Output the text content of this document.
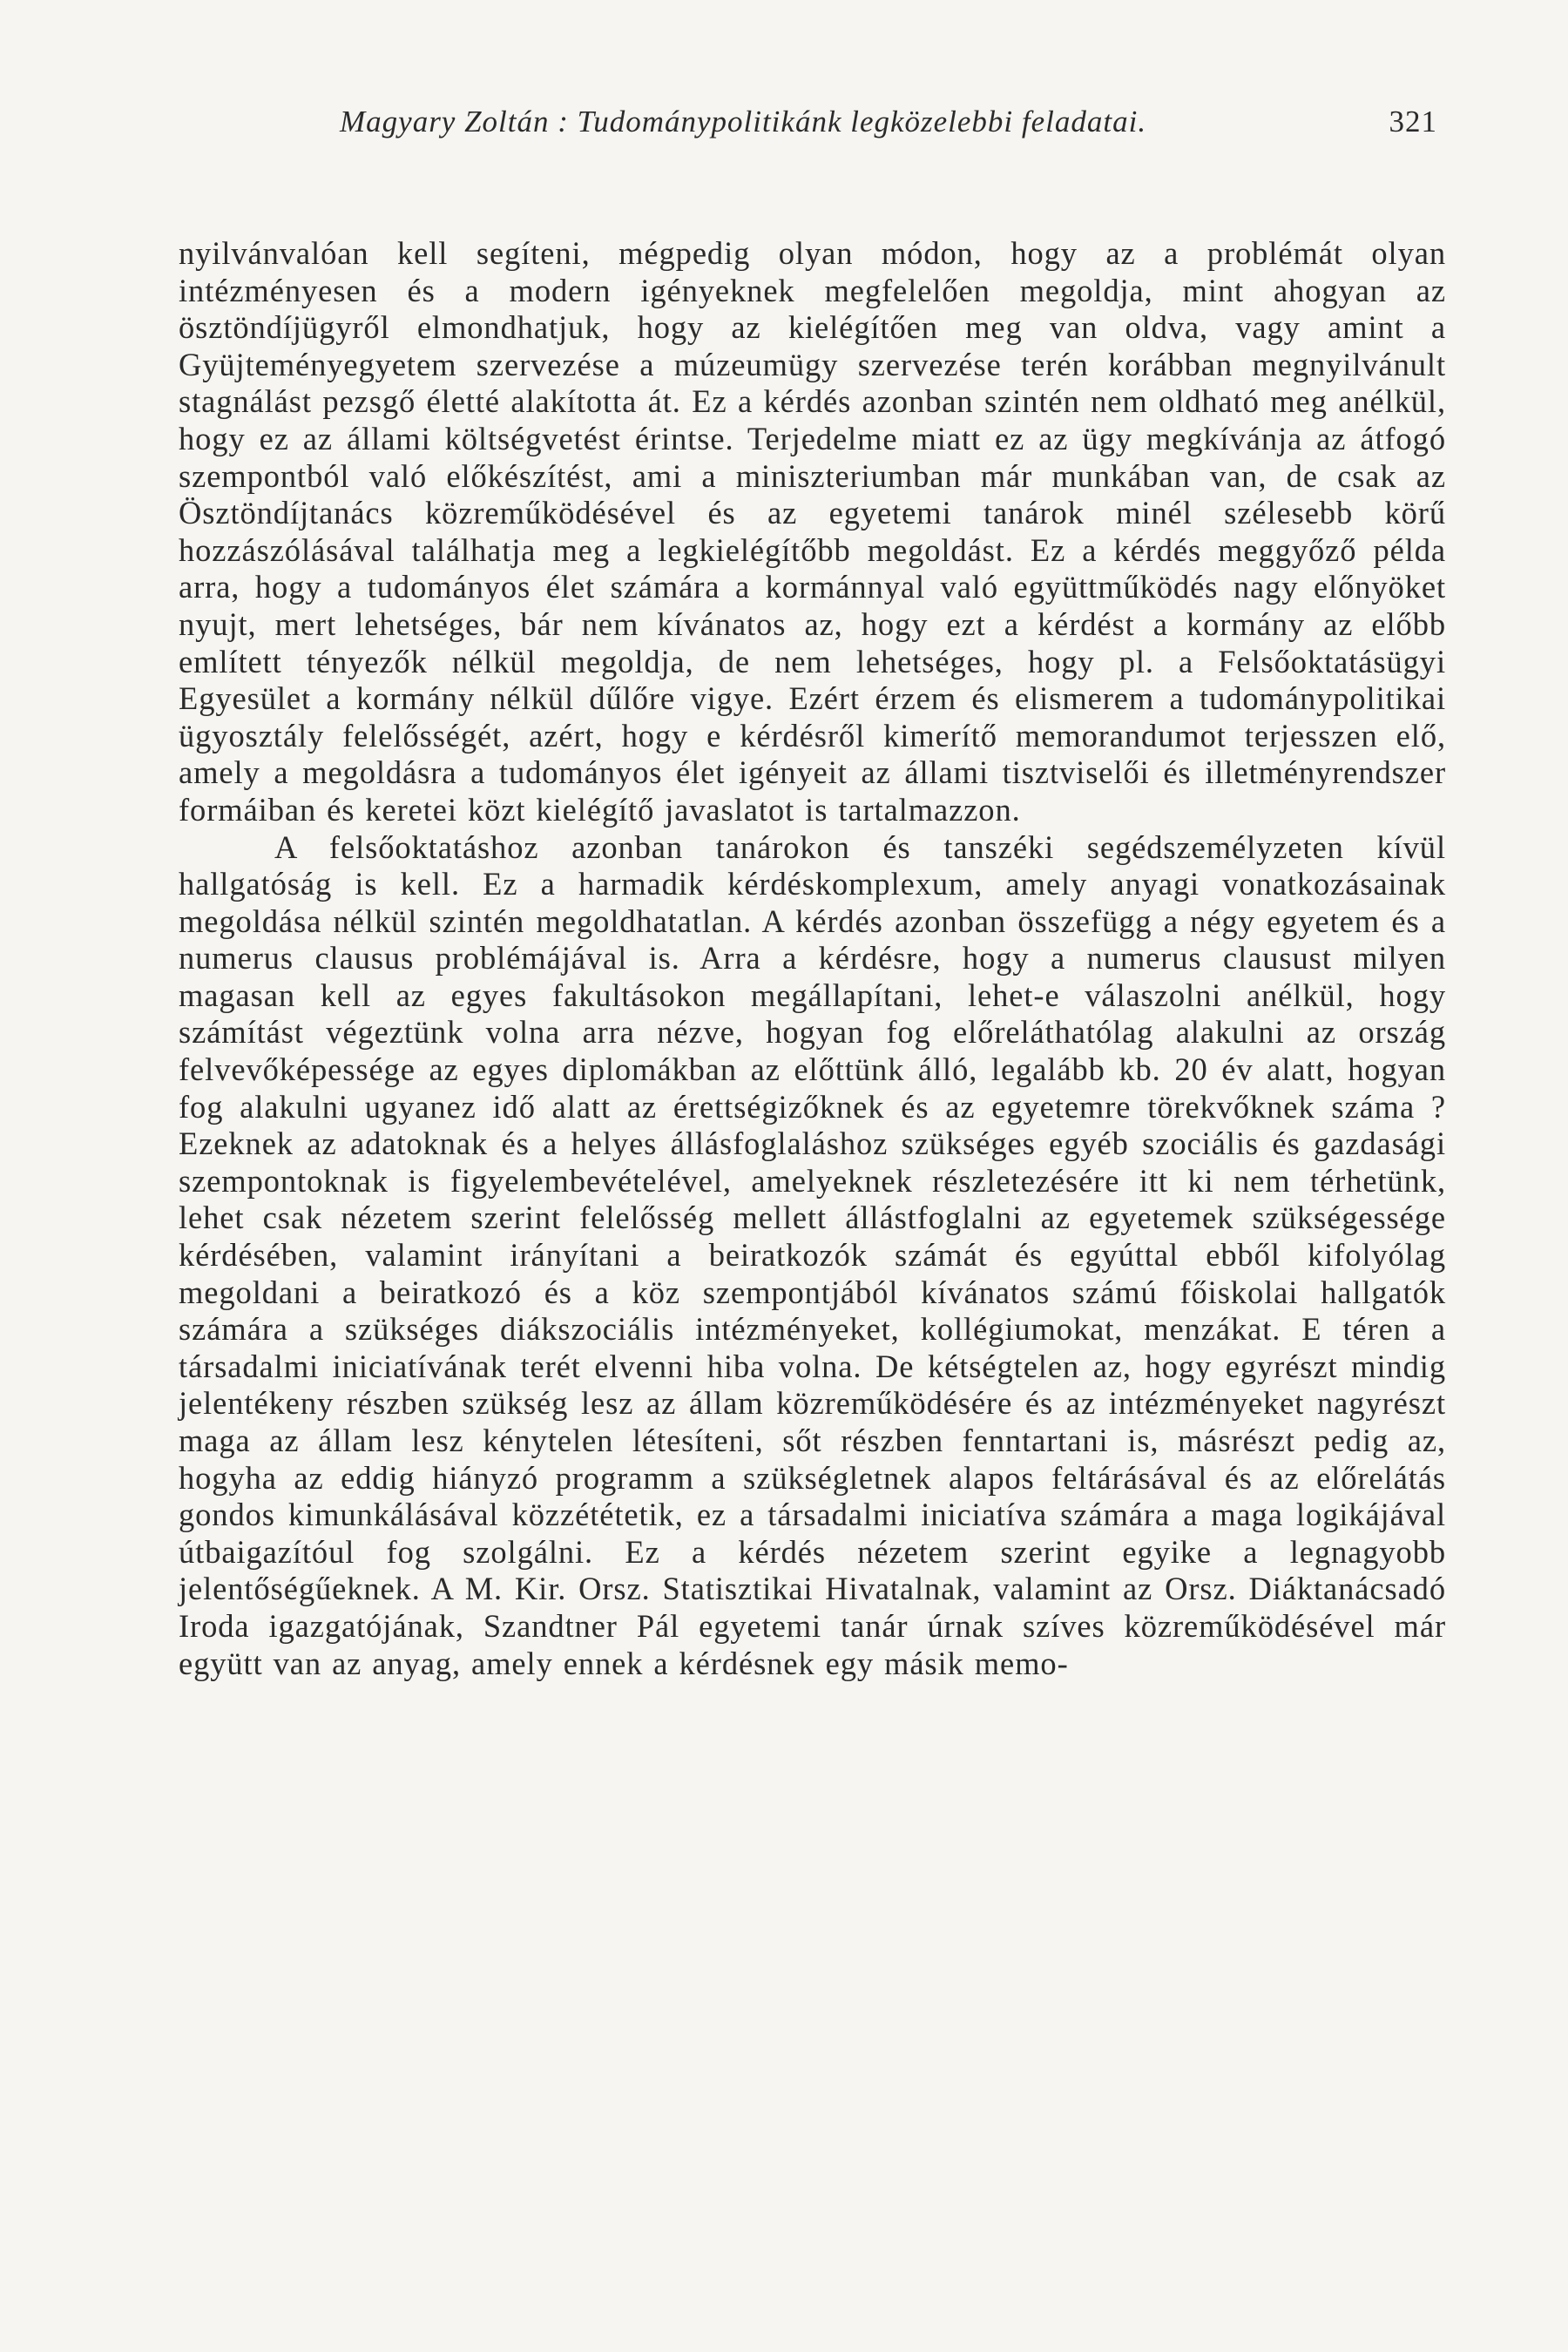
Magyary Zoltán : Tudománypolitikánk legközelebbi feladatai.	321

nyilvánvalóan kell segíteni, mégpedig olyan módon, hogy az a problémát olyan intézményesen és a modern igényeknek megfelelően megoldja, mint ahogyan az ösztöndíjügyről elmondhatjuk, hogy az kielégítően meg van oldva, vagy amint a Gyüjteményegyetem szervezése a múzeumügy szervezése terén korábban megnyilvánult stagnálást pezsgő életté alakította át. Ez a kérdés azonban szintén nem oldható meg anélkül, hogy ez az állami költségvetést érintse. Terjedelme miatt ez az ügy megkívánja az átfogó szempontból való előkészítést, ami a miniszteriumban már munkában van, de csak az Ösztöndíjtanács közreműködésével és az egyetemi tanárok minél szélesebb körű hozzászólásával találhatja meg a legkielégítőbb megoldást. Ez a kérdés meggyőző példa arra, hogy a tudományos élet számára a kormánnyal való együttműködés nagy előnyöket nyujt, mert lehetséges, bár nem kívánatos az, hogy ezt a kérdést a kormány az előbb említett tényezők nélkül megoldja, de nem lehetséges, hogy pl. a Felsőoktatásügyi Egyesület a kormány nélkül dűlőre vigye. Ezért érzem és elismerem a tudománypolitikai ügyosztály felelősségét, azért, hogy e kérdésről kimerítő memorandumot terjesszen elő, amely a megoldásra a tudományos élet igényeit az állami tisztviselői és illetményrendszer formáiban és keretei közt kielégítő javaslatot is tartalmazzon.

A felsőoktatáshoz azonban tanárokon és tanszéki segédszemélyzeten kívül hallgatóság is kell. Ez a harmadik kérdéskomplexum, amely anyagi vonatkozásainak megoldása nélkül szintén megoldhatatlan. A kérdés azonban összefügg a négy egyetem és a numerus clausus problémájával is. Arra a kérdésre, hogy a numerus clausust milyen magasan kell az egyes fakultásokon megállapítani, lehet-e válaszolni anélkül, hogy számítást végeztünk volna arra nézve, hogyan fog előreláthatólag alakulni az ország felvevőképessége az egyes diplomákban az előttünk álló, legalább kb. 20 év alatt, hogyan fog alakulni ugyanez idő alatt az érettségizőknek és az egyetemre törekvőknek száma ? Ezeknek az adatoknak és a helyes állásfoglaláshoz szükséges egyéb szociális és gazdasági szempontoknak is figyelembevételével, amelyeknek részletezésére itt ki nem térhetünk, lehet csak nézetem szerint felelősség mellett állástfoglalni az egyetemek szükségessége kérdésében, valamint irányítani a beiratkozók számát és egyúttal ebből kifolyólag megoldani a beiratkozó és a köz szempontjából kívánatos számú főiskolai hallgatók számára a szükséges diákszociális intézményeket, kollégiumokat, menzákat. E téren a társadalmi iniciatívának terét elvenni hiba volna. De kétségtelen az, hogy egyrészt mindig jelentékeny részben szükség lesz az állam közreműködésére és az intézményeket nagyrészt maga az állam lesz kénytelen létesíteni, sőt részben fenntartani is, másrészt pedig az, hogyha az eddig hiányzó programm a szükségletnek alapos feltárásával és az előrelátás gondos kimunkálásával közzététetik, ez a társadalmi iniciatíva számára a maga logikájával útbaigazítóul fog szolgálni. Ez a kérdés nézetem szerint egyike a legnagyobb jelentőségűeknek. A M. Kir. Orsz. Statisztikai Hivatalnak, valamint az Orsz. Diáktanácsadó Iroda igazgatójának, Szandtner Pál egyetemi tanár úrnak szíves közreműködésével már együtt van az anyag, amely ennek a kérdésnek egy másik memo-
